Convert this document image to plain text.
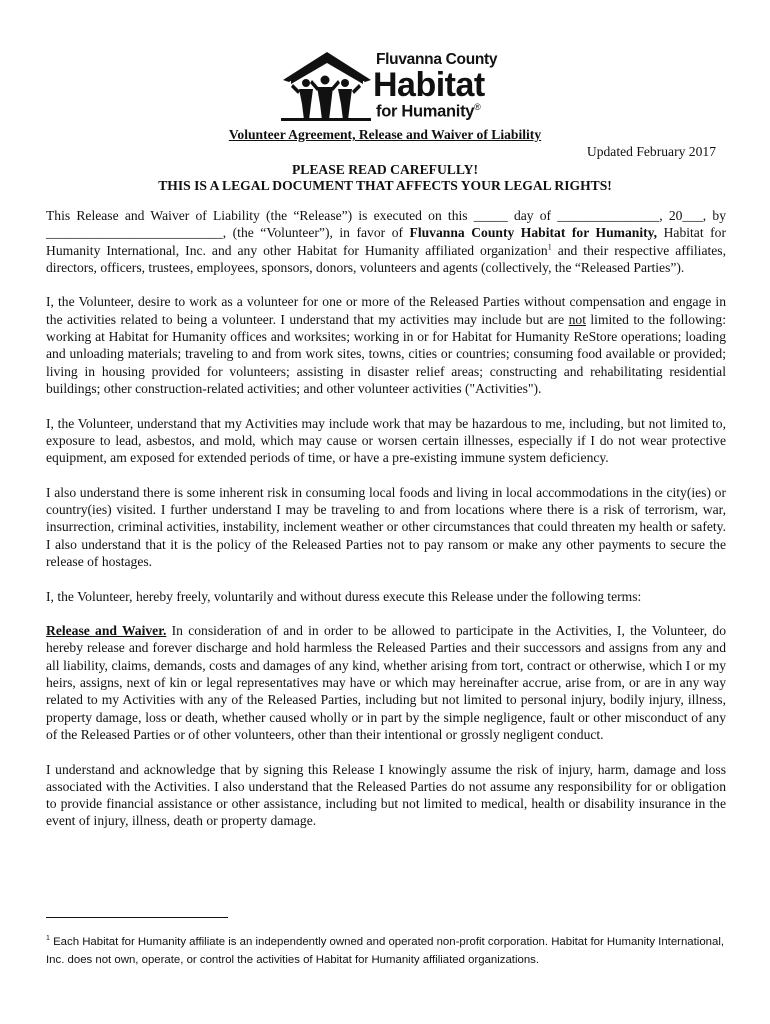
Fluvanna County
Habitat
for Humanity®
Volunteer Agreement, Release and Waiver of Liability
Updated February 2017
PLEASE READ CAREFULLY!
THIS IS A LEGAL DOCUMENT THAT AFFECTS YOUR LEGAL RIGHTS!

This Release and Waiver of Liability (the “Release”) is executed on this _____ day of _______________, 20___, by __________________________, (the “Volunteer”), in favor of Fluvanna County Habitat for Humanity, Habitat for Humanity International, Inc. and any other Habitat for Humanity affiliated organization$^1$ and their respective affiliates, directors, officers, trustees, employees, sponsors, donors, volunteers and agents (collectively, the “Released Parties”).

I, the Volunteer, desire to work as a volunteer for one or more of the Released Parties without compensation and engage in the activities related to being a volunteer. I understand that my activities may include but are not limited to the following: working at Habitat for Humanity offices and worksites; working in or for Habitat for Humanity ReStore operations; loading and unloading materials; traveling to and from work sites, towns, cities or countries; consuming food available or provided; living in housing provided for volunteers; assisting in disaster relief areas; constructing and rehabilitating residential buildings; other construction-related activities; and other volunteer activities ("Activities").

I, the Volunteer, understand that my Activities may include work that may be hazardous to me, including, but not limited to, exposure to lead, asbestos, and mold, which may cause or worsen certain illnesses, especially if I do not wear protective equipment, am exposed for extended periods of time, or have a pre-existing immune system deficiency.

I also understand there is some inherent risk in consuming local foods and living in local accommodations in the city(ies) or country(ies) visited. I further understand I may be traveling to and from locations where there is a risk of terrorism, war, insurrection, criminal activities, instability, inclement weather or other circumstances that could threaten my health or safety. I also understand that it is the policy of the Released Parties not to pay ransom or make any other payments to secure the release of hostages.

I, the Volunteer, hereby freely, voluntarily and without duress execute this Release under the following terms:

Release and Waiver. In consideration of and in order to be allowed to participate in the Activities, I, the Volunteer, do hereby release and forever discharge and hold harmless the Released Parties and their successors and assigns from any and all liability, claims, demands, costs and damages of any kind, whether arising from tort, contract or otherwise, which I or my heirs, assigns, next of kin or legal representatives may have or which may hereinafter accrue, arise from, or are in any way related to my Activities with any of the Released Parties, including but not limited to personal injury, bodily injury, illness, property damage, loss or death, whether caused wholly or in part by the simple negligence, fault or other misconduct of any of the Released Parties or of other volunteers, other than their intentional or grossly negligent conduct.

I understand and acknowledge that by signing this Release I knowingly assume the risk of injury, harm, damage and loss associated with the Activities. I also understand that the Released Parties do not assume any responsibility for or obligation to provide financial assistance or other assistance, including but not limited to medical, health or disability insurance in the event of injury, illness, death or property damage.

$^1$ Each Habitat for Humanity affiliate is an independently owned and operated non-profit corporation. Habitat for Humanity International, Inc. does not own, operate, or control the activities of Habitat for Humanity affiliated organizations.
